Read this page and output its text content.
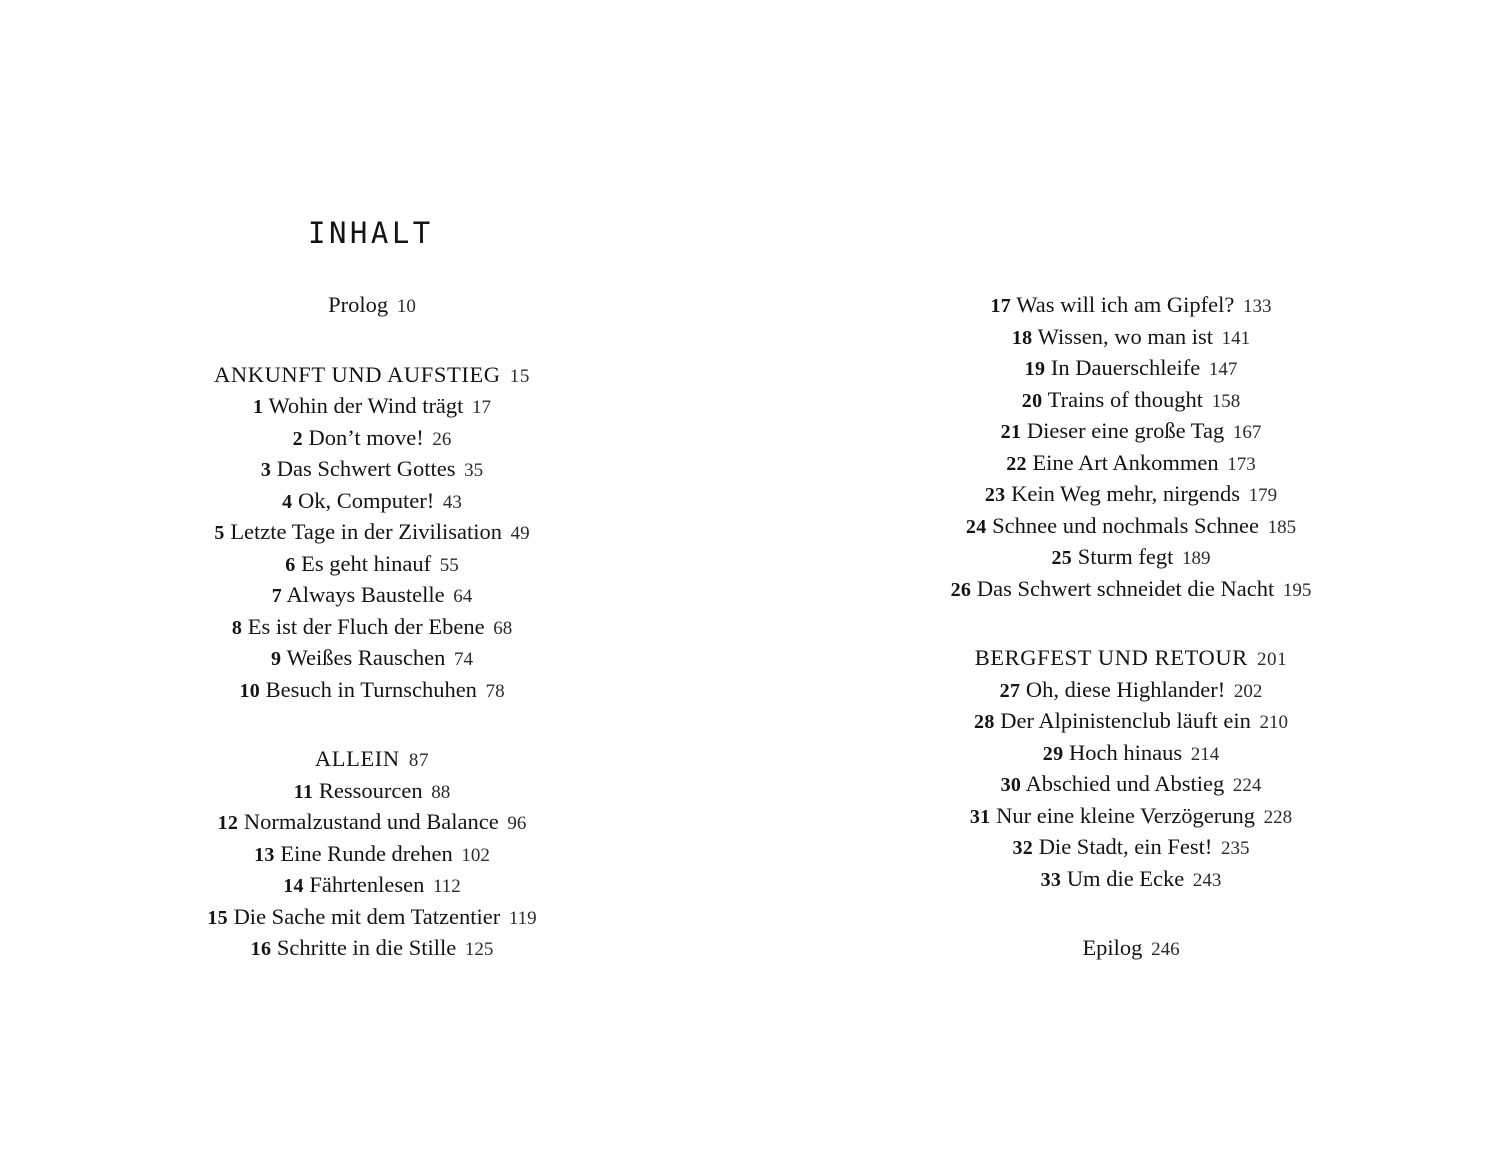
INHALT
Prolog 10
ANKUNFT UND AUFSTIEG 15
1 Wohin der Wind trägt 17
2 Don’t move! 26
3 Das Schwert Gottes 35
4 Ok, Computer! 43
5 Letzte Tage in der Zivilisation 49
6 Es geht hinauf 55
7 Always Baustelle 64
8 Es ist der Fluch der Ebene 68
9 Weißes Rauschen 74
10 Besuch in Turnschuhen 78
ALLEIN 87
11 Ressourcen 88
12 Normalzustand und Balance 96
13 Eine Runde drehen 102
14 Fährtenlesen 112
15 Die Sache mit dem Tatzentier 119
16 Schritte in die Stille 125
17 Was will ich am Gipfel? 133
18 Wissen, wo man ist 141
19 In Dauerschleife 147
20 Trains of thought 158
21 Dieser eine große Tag 167
22 Eine Art Ankommen 173
23 Kein Weg mehr, nirgends 179
24 Schnee und nochmals Schnee 185
25 Sturm fegt 189
26 Das Schwert schneidet die Nacht 195
BERGFEST UND RETOUR 201
27 Oh, diese Highlander! 202
28 Der Alpinistenclub läuft ein 210
29 Hoch hinaus 214
30 Abschied und Abstieg 224
31 Nur eine kleine Verzögerung 228
32 Die Stadt, ein Fest! 235
33 Um die Ecke 243
Epilog 246
